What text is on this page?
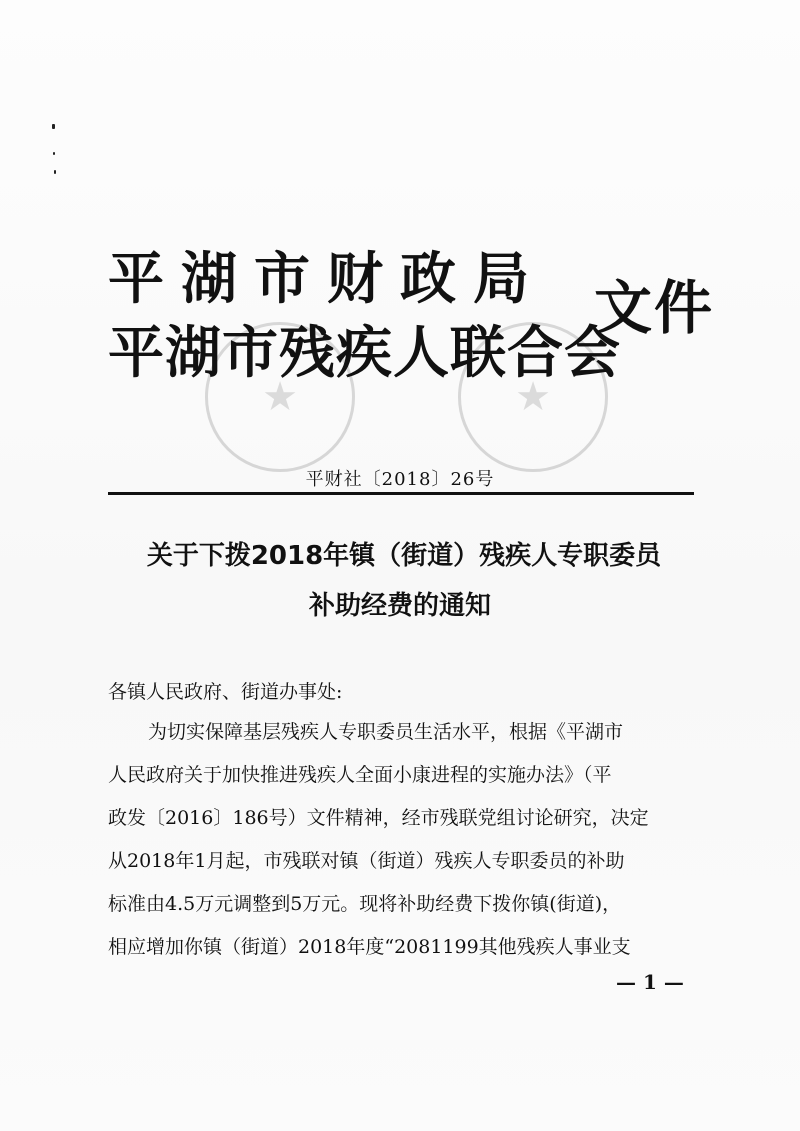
★	★
平湖市财政局
平湖市残疾人联合会
文件
平财社〔2018〕26号
关于下拨2018年镇（街道）残疾人专职委员
补助经费的通知
各镇人民政府、街道办事处:
为切实保障基层残疾人专职委员生活水平，根据《平湖市
人民政府关于加快推进残疾人全面小康进程的实施办法》（平
政发〔2016〕186号）文件精神，经市残联党组讨论研究，决定
从2018年1月起，市残联对镇（街道）残疾人专职委员的补助
标准由4.5万元调整到5万元。现将补助经费下拨你镇(街道)，
相应增加你镇（街道）2018年度“2081199其他残疾人事业支
— 1 —
